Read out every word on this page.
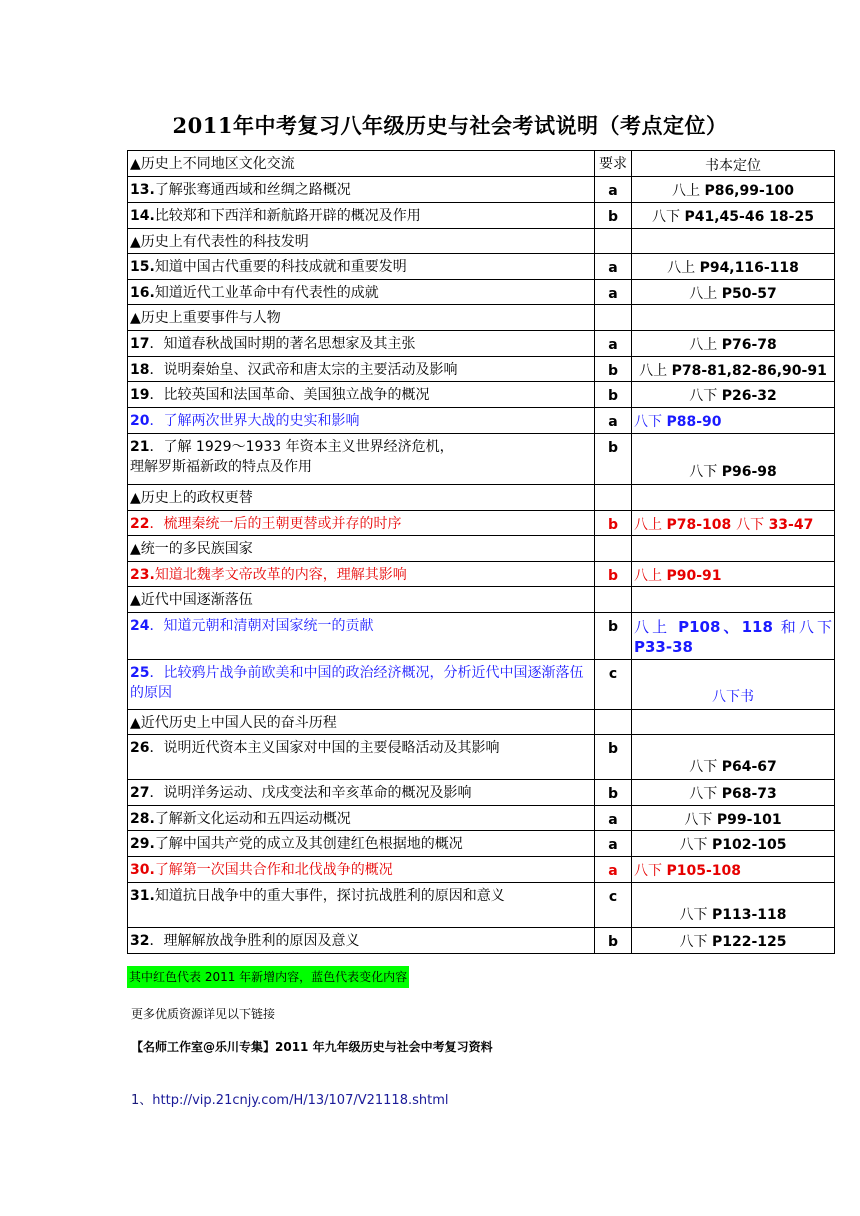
2011年中考复习八年级历史与社会考试说明（考点定位）
▲历史上不同地区文化交流	要求	书本定位
13.了解张骞通西域和丝绸之路概况	a	八上 P86,99-100
14.比较郑和下西洋和新航路开辟的概况及作用	b	八下 P41,45-46 18-25
▲历史上有代表性的科技发明		
15.知道中国古代重要的科技成就和重要发明	a	八上 P94,116-118
16.知道近代工业革命中有代表性的成就	a	八上 P50-57
▲历史上重要事件与人物		
17．知道春秋战国时期的著名思想家及其主张	a	八上 P76-78
18．说明秦始皇、汉武帝和唐太宗的主要活动及影响	b	八上 P78-81,82-86,90-91
19．比较英国和法国革命、美国独立战争的概况	b	八下 P26-32
20．了解两次世界大战的史实和影响	a	八下 P88-90
21．了解 1929～1933 年资本主义世界经济危机，
理解罗斯福新政的特点及作用	b	八下 P96-98
▲历史上的政权更替		
22．梳理秦统一后的王朝更替或并存的时序	b	八上 P78-108 八下 33-47
▲统一的多民族国家		
23.知道北魏孝文帝改革的内容，理解其影响	b	八上 P90-91
▲近代中国逐渐落伍		
24．知道元朝和清朝对国家统一的贡献	b	八上 P108、118 和八下 P33-38
25．比较鸦片战争前欧美和中国的政治经济概况，分析近代中国逐渐落伍的原因	c	八下书
▲近代历史上中国人民的奋斗历程		
26．说明近代资本主义国家对中国的主要侵略活动及其影响	b	八下 P64-67
27．说明洋务运动、戊戌变法和辛亥革命的概况及影响	b	八下 P68-73
28.了解新文化运动和五四运动概况	a	八下 P99-101
29.了解中国共产党的成立及其创建红色根据地的概况	a	八下 P102-105
30.了解第一次国共合作和北伐战争的概况	a	八下 P105-108
31.知道抗日战争中的重大事件，探讨抗战胜利的原因和意义	c	八下 P113-118
32．理解解放战争胜利的原因及意义	b	八下 P122-125
其中红色代表 2011 年新增内容，蓝色代表变化内容
更多优质资源详见以下链接
【名师工作室@乐川专集】2011 年九年级历史与社会中考复习资料
1、http://vip.21cnjy.com/H/13/107/V21118.shtml
